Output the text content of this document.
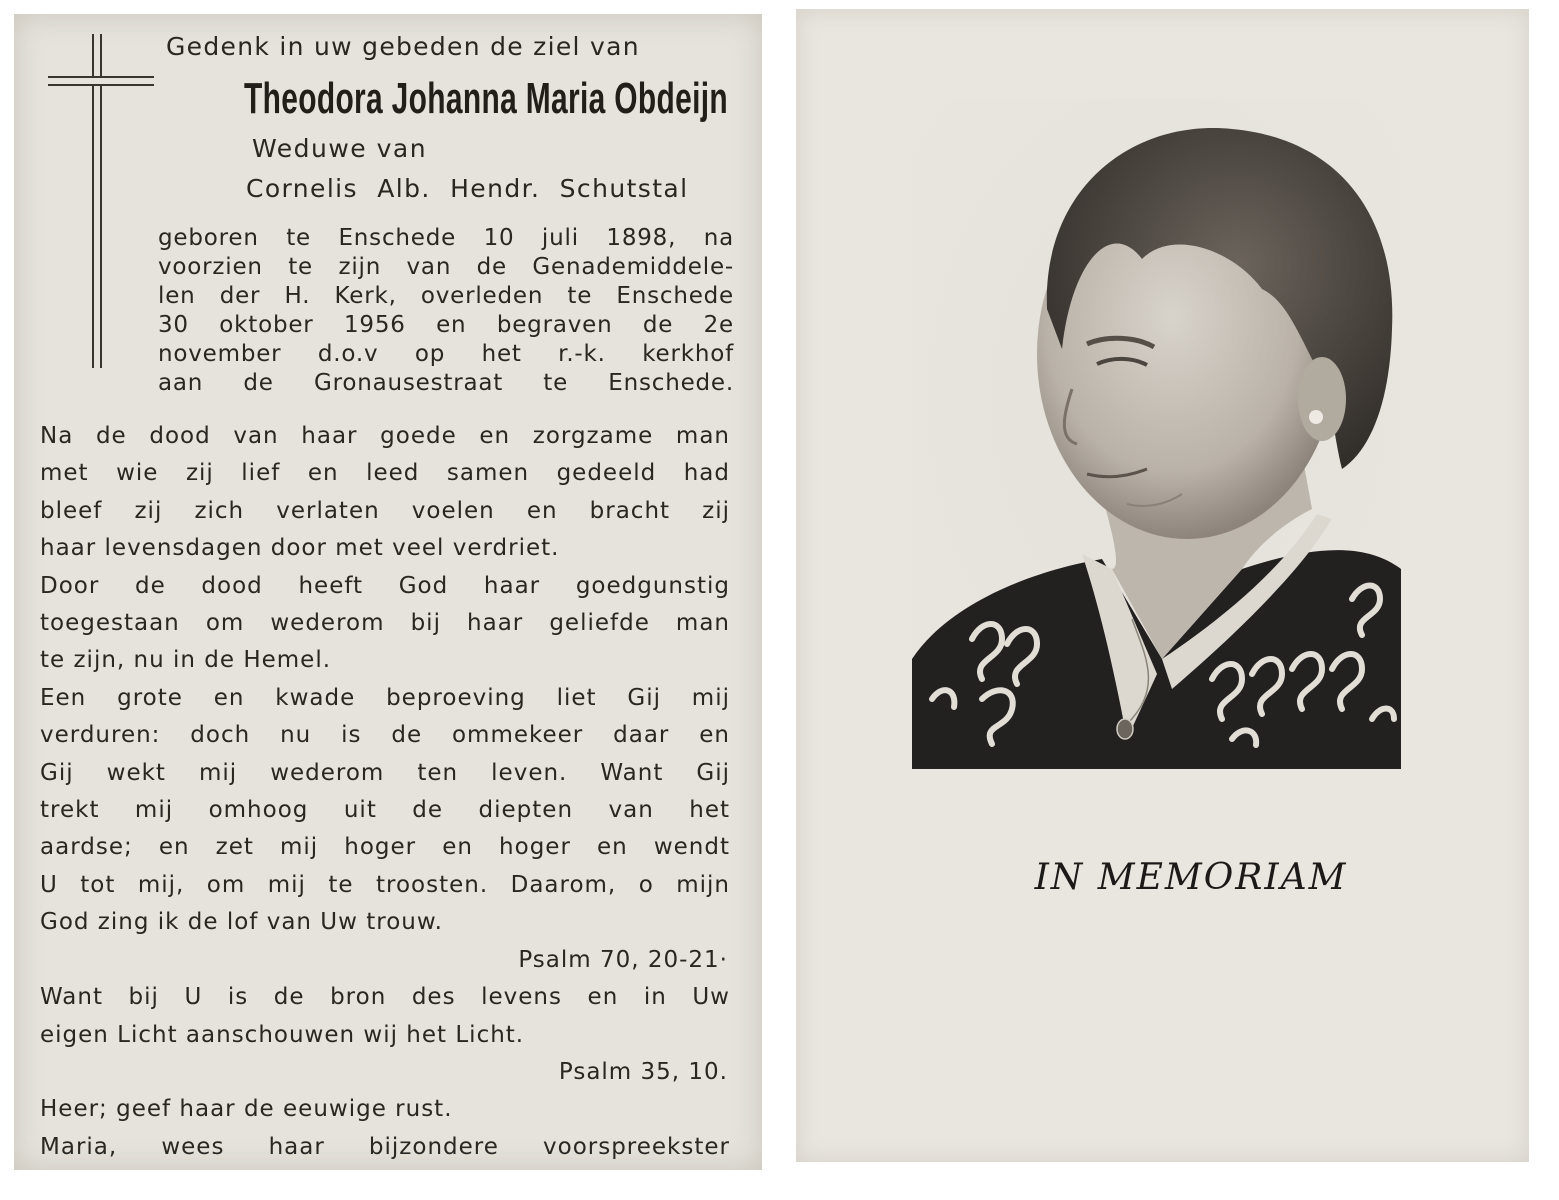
Gedenk in uw gebeden de ziel van

Theodora Johanna Maria Obdeijn

Weduwe van

Cornelis Alb. Hendr. Schutstal

geboren te Enschede 10 juli 1898, na
voorzien te zijn van de Genademiddele-
len der H. Kerk, overleden te Enschede
30 oktober 1956 en begraven de 2e
november d.o.v op het r.-k. kerkhof
aan de Gronausestraat te Enschede.
Na de dood van haar goede en zorgzame man
met wie zij lief en leed samen gedeeld had
bleef zij zich verlaten voelen en bracht zij
haar levensdagen door met veel verdriet.
Door de dood heeft God haar goedgunstig
toegestaan om wederom bij haar geliefde man
te zijn, nu in de Hemel.
Een grote en kwade beproeving liet Gij mij
verduren: doch nu is de ommekeer daar en
Gij wekt mij wederom ten leven. Want Gij
trekt mij omhoog uit de diepten van het
aardse; en zet mij hoger en hoger en wendt
U tot mij, om mij te troosten. Daarom, o mijn
God zing ik de lof van Uw trouw.
Psalm 70, 20-21·
Want bij U is de bron des levens en in Uw
eigen Licht aanschouwen wij het Licht.
Psalm 35, 10.
Heer; geef haar de eeuwige rust.
Maria, wees haar bijzondere voorspreekster
IN MEMORIAM
